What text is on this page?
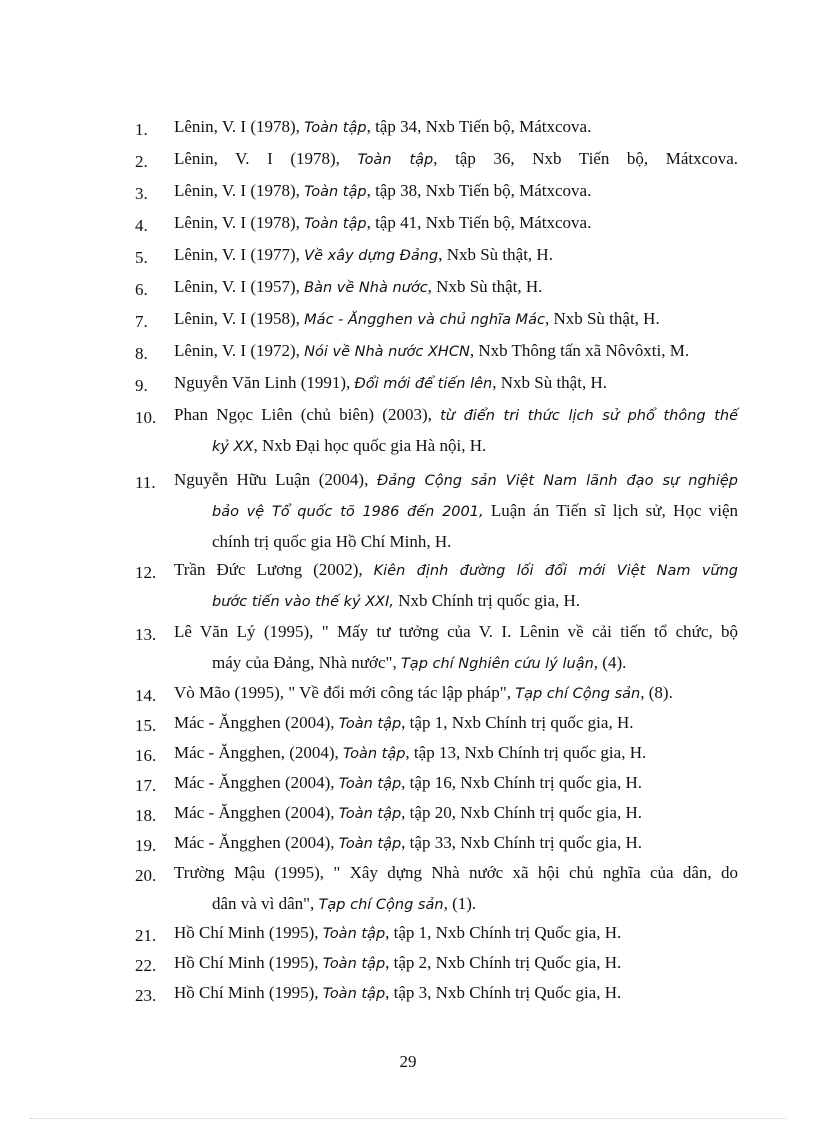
1. Lênin, V. I (1978), Toàn tập, tập 34, Nxb Tiến bộ, Mátxcova.
2. Lênin, V. I (1978), Toàn tập, tập 36, Nxb Tiến bộ, Mátxcova.
3. Lênin, V. I (1978), Toàn tập, tập 38, Nxb Tiến bộ, Mátxcova.
4. Lênin, V. I (1978), Toàn tập, tập 41, Nxb Tiến bộ, Mátxcova.
5. Lênin, V. I (1977), Về xây dựng Đảng, Nxb Sù thật, H.
6. Lênin, V. I (1957), Bàn về Nhà nước, Nxb Sù thật, H.
7. Lênin, V. I (1958), Mác - Ăngghen và chủ nghĩa Mác, Nxb Sù thật, H.
8. Lênin, V. I (1972), Nói về Nhà nước XHCN, Nxb Thông tấn xã Nôvôxti, M.
9. Nguyễn Văn Linh (1991), Đổi mới để tiến lên, Nxb Sù thật, H.
10. Phan Ngọc Liên (chủ biên) (2003), từ điển tri thức lịch sử phổ thông thế
kỷ XX, Nxb Đại học quốc gia Hà nội, H.
11. Nguyễn Hữu Luận (2004), Đảng Cộng sản Việt Nam lãnh đạo sự nghiệp
bảo vệ Tổ quốc tõ 1986 đến 2001, Luận án Tiến sĩ lịch sử, Học viện
chính trị quốc gia Hồ Chí Minh, H.
12. Trần Đức Lương (2002), Kiên định đường lối đổi mới Việt Nam vững
bước tiến vào thế kỷ XXI, Nxb Chính trị quốc gia, H.
13. Lê Văn Lý (1995), " Mấy tư tưởng của V. I. Lênin về cải tiến tổ chức, bộ
máy của Đảng, Nhà nước", Tạp chí Nghiên cứu lý luận, (4).
14. Vò Mão (1995), " Về đổi mới công tác lập pháp", Tạp chí Cộng sản, (8).
15. Mác - Ăngghen (2004), Toàn tập, tập 1, Nxb Chính trị quốc gia, H.
16. Mác - Ăngghen, (2004), Toàn tập, tập 13, Nxb Chính trị quốc gia, H.
17. Mác - Ăngghen (2004), Toàn tập, tập 16, Nxb Chính trị quốc gia, H.
18. Mác - Ăngghen (2004), Toàn tập, tập 20, Nxb Chính trị quốc gia, H.
19. Mác - Ăngghen (2004), Toàn tập, tập 33, Nxb Chính trị quốc gia, H.
20. Trường Mậu (1995), " Xây dựng Nhà nước xã hội chủ nghĩa của dân, do
dân và vì dân", Tạp chí Cộng sản, (1).
21. Hồ Chí Minh (1995), Toàn tập, tập 1, Nxb Chính trị Quốc gia, H.
22. Hồ Chí Minh (1995), Toàn tập, tập 2, Nxb Chính trị Quốc gia, H.
23. Hồ Chí Minh (1995), Toàn tập, tập 3, Nxb Chính trị Quốc gia, H.
29
